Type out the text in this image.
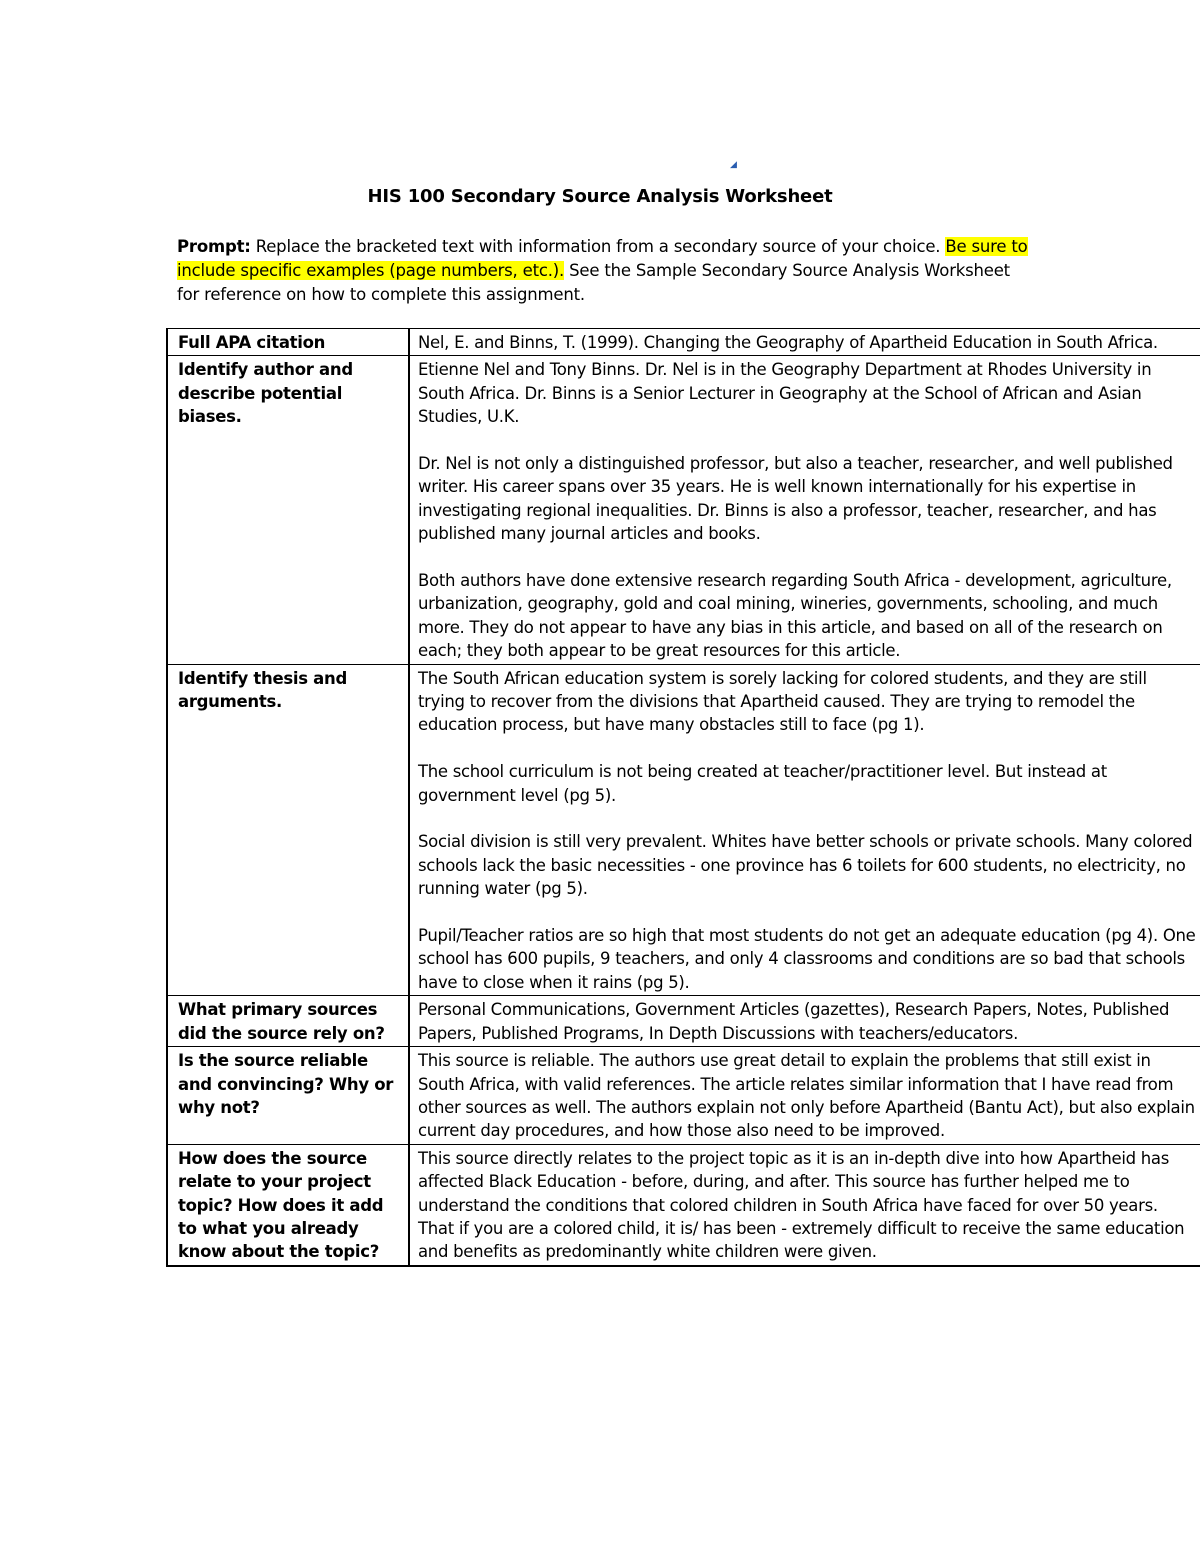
◢
HIS 100 Secondary Source Analysis Worksheet
Prompt: Replace the bracketed text with information from a secondary source of your choice. Be sure to include specific examples (page numbers, etc.). See the Sample Secondary Source Analysis Worksheet for reference on how to complete this assignment.
Full APA citation	Nel, E. and Binns, T. (1999). Changing the Geography of Apartheid Education in South Africa.

Identify author and describe potential biases.	Etienne Nel and Tony Binns. Dr. Nel is in the Geography Department at Rhodes University in South Africa. Dr. Binns is a Senior Lecturer in Geography at the School of African and Asian Studies, U.K.

Dr. Nel is not only a distinguished professor, but also a teacher, researcher, and well published writer. His career spans over 35 years. He is well known internationally for his expertise in investigating regional inequalities. Dr. Binns is also a professor, teacher, researcher, and has published many journal articles and books.

Both authors have done extensive research regarding South Africa - development, agriculture, urbanization, geography, gold and coal mining, wineries, governments, schooling, and much more. They do not appear to have any bias in this article, and based on all of the research on each; they both appear to be great resources for this article.

Identify thesis and arguments.	The South African education system is sorely lacking for colored students, and they are still trying to recover from the divisions that Apartheid caused. They are trying to remodel the education process, but have many obstacles still to face (pg 1).

The school curriculum is not being created at teacher/practitioner level. But instead at government level (pg 5).

Social division is still very prevalent. Whites have better schools or private schools. Many colored schools lack the basic necessities - one province has 6 toilets for 600 students, no electricity, no running water (pg 5).

Pupil/Teacher ratios are so high that most students do not get an adequate education (pg 4). One school has 600 pupils, 9 teachers, and only 4 classrooms and conditions are so bad that schools have to close when it rains (pg 5).

What primary sources did the source rely on?	Personal Communications, Government Articles (gazettes), Research Papers, Notes, Published Papers, Published Programs, In Depth Discussions with teachers/educators.

Is the source reliable and convincing? Why or why not?	This source is reliable. The authors use great detail to explain the problems that still exist in South Africa, with valid references. The article relates similar information that I have read from other sources as well. The authors explain not only before Apartheid (Bantu Act), but also explain current day procedures, and how those also need to be improved.

How does the source relate to your project topic? How does it add to what you already know about the topic?	This source directly relates to the project topic as it is an in-depth dive into how Apartheid has affected Black Education - before, during, and after. This source has further helped me to understand the conditions that colored children in South Africa have faced for over 50 years. That if you are a colored child, it is/ has been - extremely difficult to receive the same education and benefits as predominantly white children were given.
